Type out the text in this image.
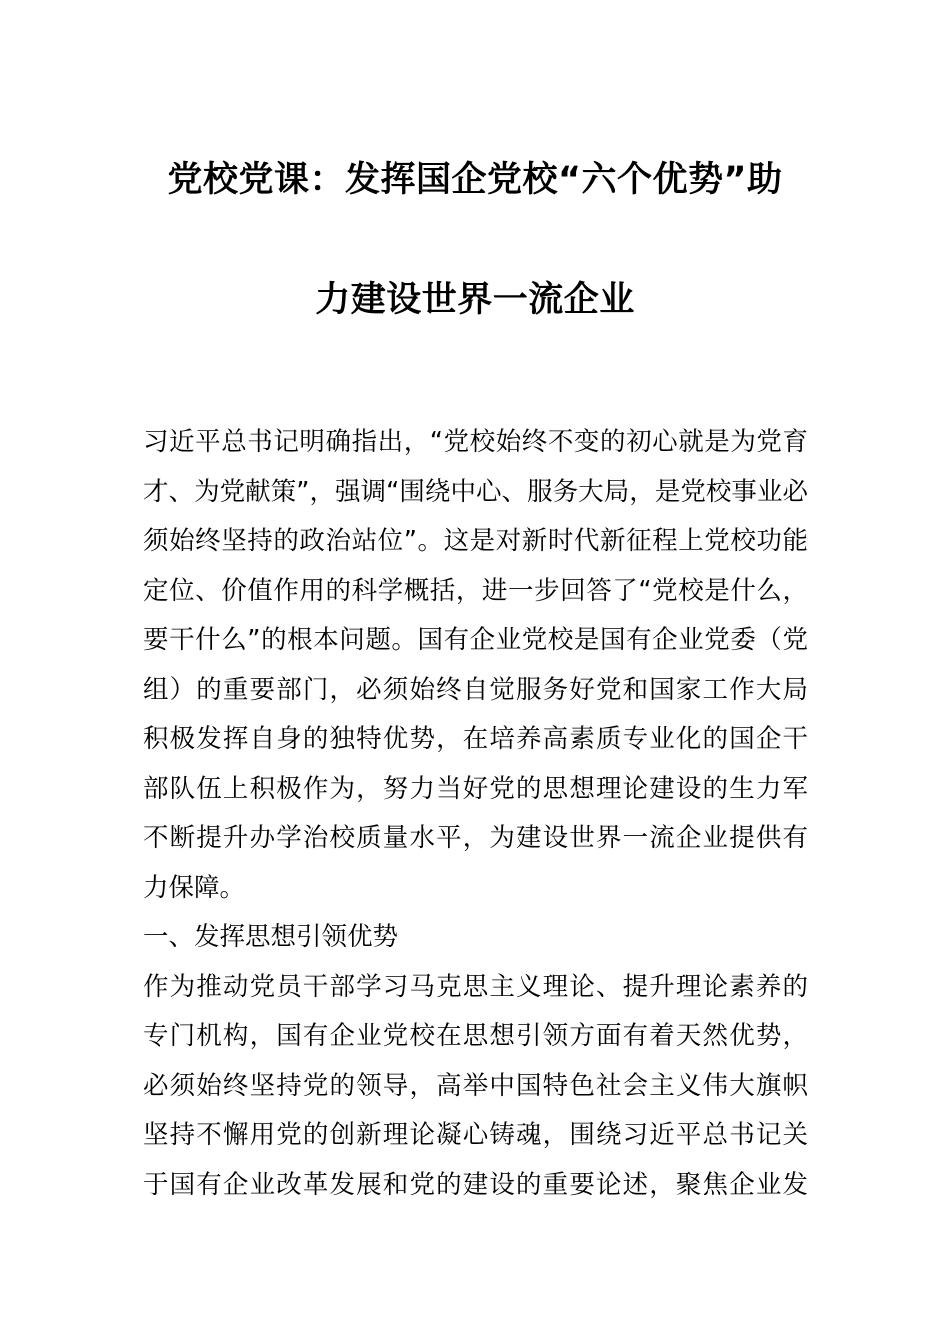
党校党课：发挥国企党校“六个优势”助
力建设世界一流企业
习近平总书记明确指出，“党校始终不变的初心就是为党育
才、为党献策”，强调“围绕中心、服务大局，是党校事业必
须始终坚持的政治站位”。这是对新时代新征程上党校功能
定位、价值作用的科学概括，进一步回答了“党校是什么，
要干什么”的根本问题。国有企业党校是国有企业党委（党
组）的重要部门，必须始终自觉服务好党和国家工作大局
积极发挥自身的独特优势，在培养高素质专业化的国企干
部队伍上积极作为，努力当好党的思想理论建设的生力军
不断提升办学治校质量水平，为建设世界一流企业提供有
力保障。
一、发挥思想引领优势
作为推动党员干部学习马克思主义理论、提升理论素养的
专门机构，国有企业党校在思想引领方面有着天然优势，
必须始终坚持党的领导，高举中国特色社会主义伟大旗帜
坚持不懈用党的创新理论凝心铸魂，围绕习近平总书记关
于国有企业改革发展和党的建设的重要论述，聚焦企业发
